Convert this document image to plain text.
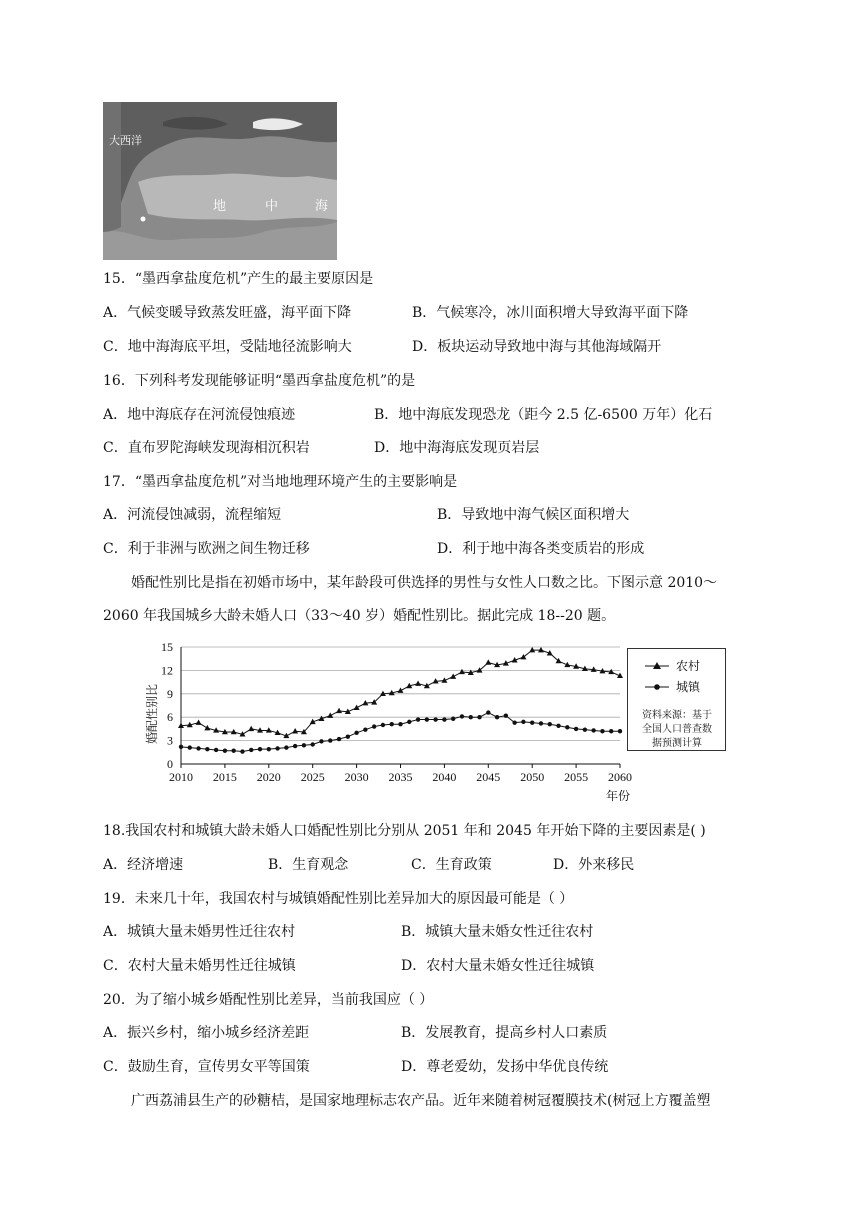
大西洋
地	中	海
15．“墨西拿盐度危机”产生的最主要原因是
A．气候变暖导致蒸发旺盛，海平面下降	B．气候寒冷，冰川面积增大导致海平面下降
C．地中海海底平坦，受陆地径流影响大	D．板块运动导致地中海与其他海域隔开
16．下列科考发现能够证明“墨西拿盐度危机”的是
A．地中海底存在河流侵蚀痕迹	B．地中海底发现恐龙（距今 2.5 亿-6500 万年）化石
C．直布罗陀海峡发现海相沉积岩	D．地中海海底发现页岩层
17．“墨西拿盐度危机”对当地地理环境产生的主要影响是
A．河流侵蚀减弱，流程缩短	B．导致地中海气候区面积增大
C．利于非洲与欧洲之间生物迁移	D．利于地中海各类变质岩的形成
婚配性别比是指在初婚市场中，某年龄段可供选择的男性与女性人口数之比。下图示意 2010～
2060 年我国城乡大龄未婚人口（33～40 岁）婚配性别比。据此完成 18--20 题。
0
3
6
9
12
15
2010 2015 2020 2025 2030 2035 2040 2045 2050 2055 2060
婚配性别比
年份
农村
城镇
资料来源：基于
全国人口普查数
据预测计算
18.我国农村和城镇大龄未婚人口婚配性别比分别从 2051 年和 2045 年开始下降的主要因素是( )
A．经济增速	B．生育观念	C．生育政策	D．外来移民
19．未来几十年，我国农村与城镇婚配性别比差异加大的原因最可能是（ ）
A．城镇大量未婚男性迁往农村	B．城镇大量未婚女性迁往农村
C．农村大量未婚男性迁往城镇	D．农村大量未婚女性迁往城镇
20．为了缩小城乡婚配性别比差异，当前我国应（ ）
A．振兴乡村，缩小城乡经济差距	B．发展教育，提高乡村人口素质
C．鼓励生育，宣传男女平等国策	D．尊老爱幼，发扬中华优良传统
广西荔浦县生产的砂糖桔，是国家地理标志农产品。近年来随着树冠覆膜技术(树冠上方覆盖塑
